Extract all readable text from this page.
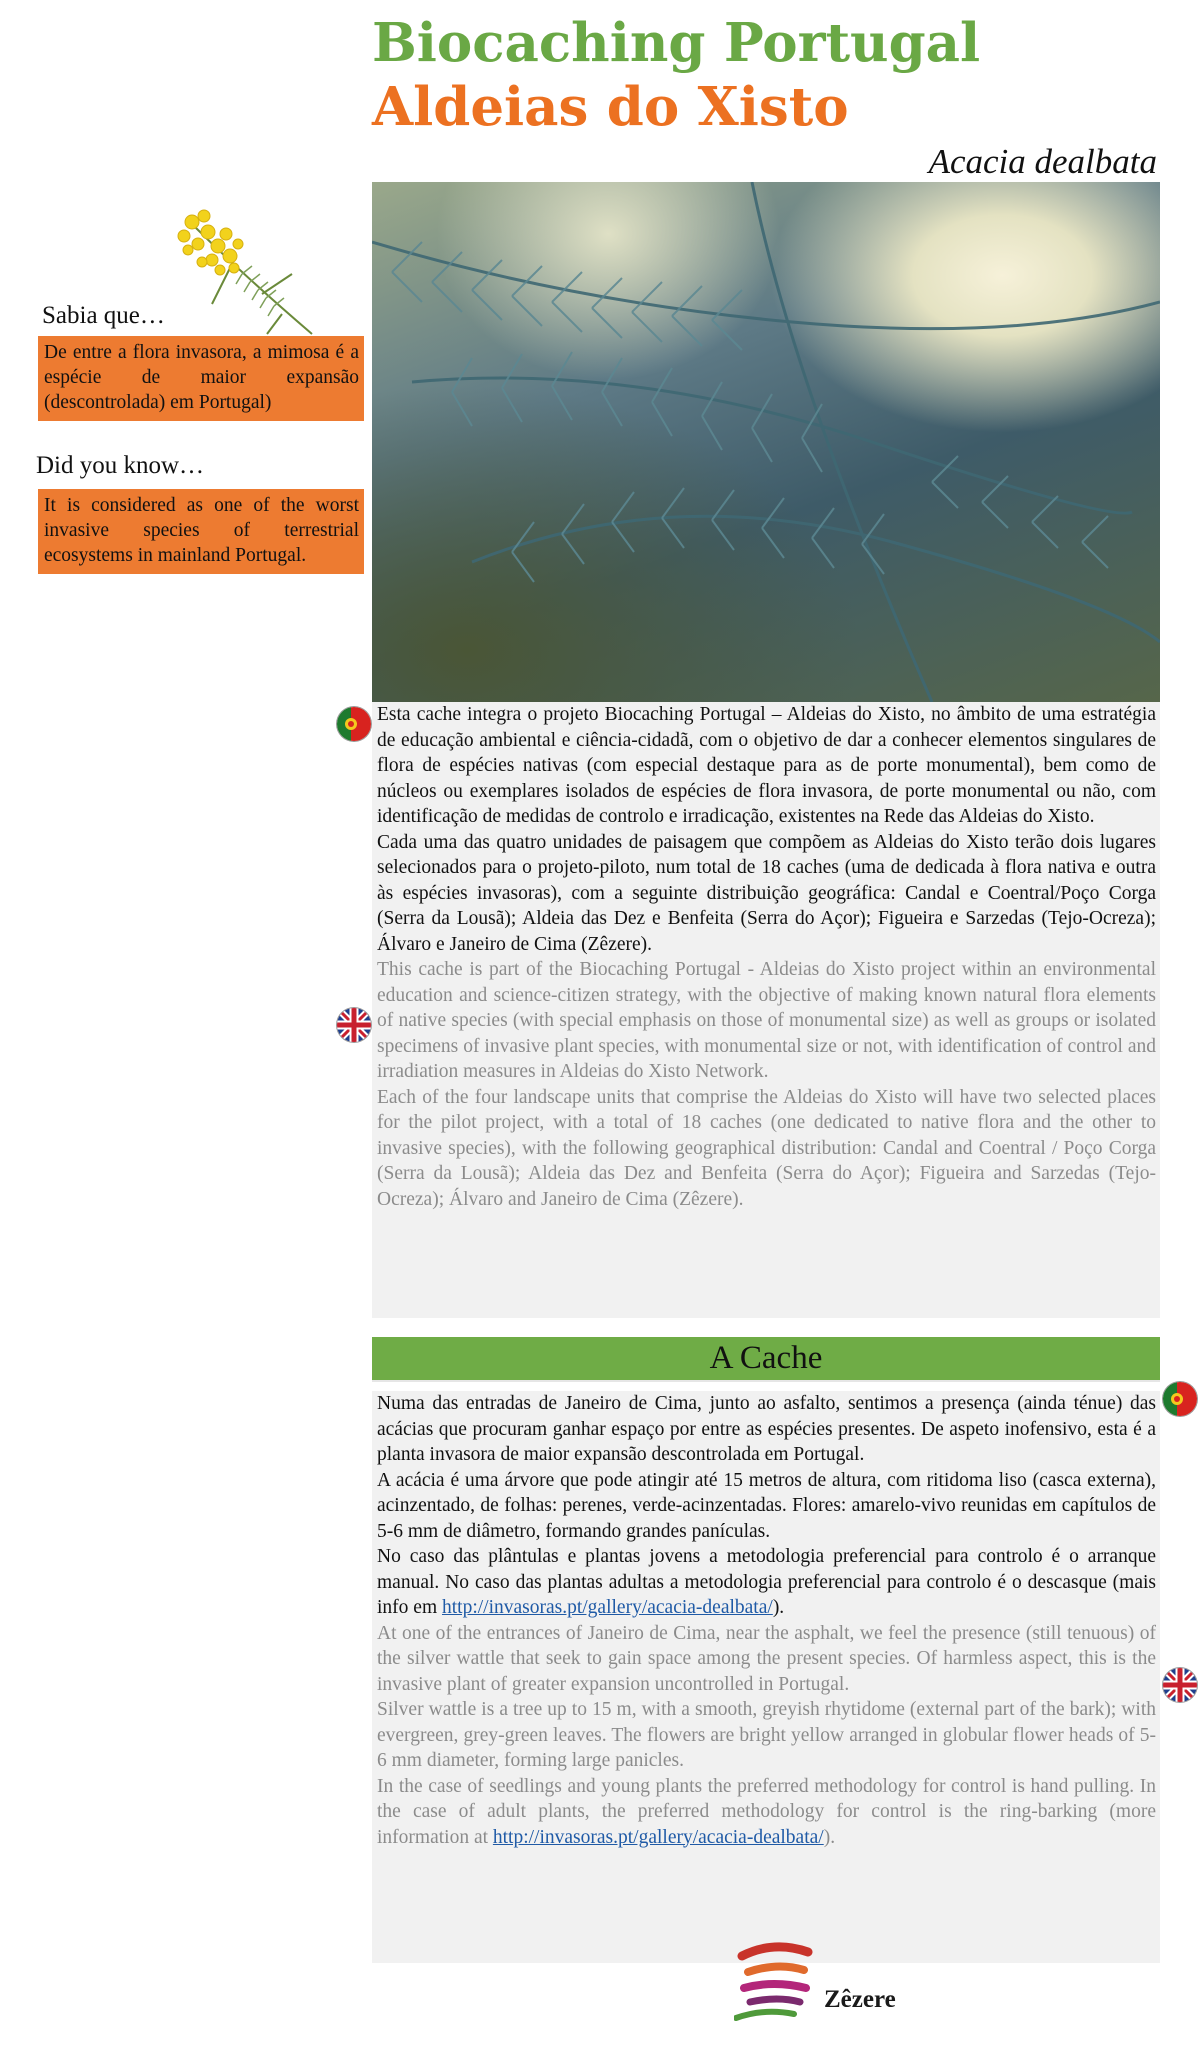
Biocaching Portugal
Aldeias do Xisto
Acacia dealbata
Sabia que…
De entre a flora invasora, a mimosa é a espécie de maior expansão (descontrolada) em Portugal)
Did you know…
It is considered as one of the worst invasive species of terrestrial ecosystems in mainland Portugal.

Esta cache integra o projeto Biocaching Portugal – Aldeias do Xisto, no âmbito de uma estratégia de educação ambiental e ciência-cidadã, com o objetivo de dar a conhecer elementos singulares de flora de espécies nativas (com especial destaque para as de porte monumental), bem como de núcleos ou exemplares isolados de espécies de flora invasora, de porte monumental ou não, com identificação de medidas de controlo e irradicação, existentes na Rede das Aldeias do Xisto.

Cada uma das quatro unidades de paisagem que compõem as Aldeias do Xisto terão dois lugares selecionados para o projeto-piloto, num total de 18 caches (uma de dedicada à flora nativa e outra às espécies invasoras), com a seguinte distribuição geográfica: Candal e Coentral/Poço Corga (Serra da Lousã); Aldeia das Dez e Benfeita (Serra do Açor); Figueira e Sarzedas (Tejo-Ocreza); Álvaro e Janeiro de Cima (Zêzere).

This cache is part of the Biocaching Portugal - Aldeias do Xisto project within an environmental education and science-citizen strategy, with the objective of making known natural flora elements of native species (with special emphasis on those of monumental size) as well as groups or isolated specimens of invasive plant species, with monumental size or not, with identification of control and irradiation measures in Aldeias do Xisto Network.

Each of the four landscape units that comprise the Aldeias do Xisto will have two selected places for the pilot project, with a total of 18 caches (one dedicated to native flora and the other to invasive species), with the following geographical distribution: Candal and Coentral / Poço Corga (Serra da Lousã); Aldeia das Dez and Benfeita (Serra do Açor); Figueira and Sarzedas (Tejo-Ocreza); Álvaro and Janeiro de Cima (Zêzere).

A Cache

Numa das entradas de Janeiro de Cima, junto ao asfalto, sentimos a presença (ainda ténue) das acácias que procuram ganhar espaço por entre as espécies presentes. De aspeto inofensivo, esta é a planta invasora de maior expansão descontrolada em Portugal.

A acácia é uma árvore que pode atingir até 15 metros de altura, com ritidoma liso (casca externa), acinzentado, de folhas: perenes, verde-acinzentadas. Flores: amarelo-vivo reunidas em capítulos de 5-6 mm de diâmetro, formando grandes panículas.

No caso das plântulas e plantas jovens a metodologia preferencial para controlo é o arranque manual. No caso das plantas adultas a metodologia preferencial para controlo é o descasque (mais info em http://invasoras.pt/gallery/acacia-dealbata/).

At one of the entrances of Janeiro de Cima, near the asphalt, we feel the presence (still tenuous) of the silver wattle that seek to gain space among the present species. Of harmless aspect, this is the invasive plant of greater expansion uncontrolled in Portugal.

Silver wattle is a tree up to 15 m, with a smooth, greyish rhytidome (external part of the bark); with evergreen, grey-green leaves. The flowers are bright yellow arranged in globular flower heads of 5-6 mm diameter, forming large panicles.

In the case of seedlings and young plants the preferred methodology for control is hand pulling. In the case of adult plants, the preferred methodology for control is the ring-barking (more information at http://invasoras.pt/gallery/acacia-dealbata/).

Zêzere
